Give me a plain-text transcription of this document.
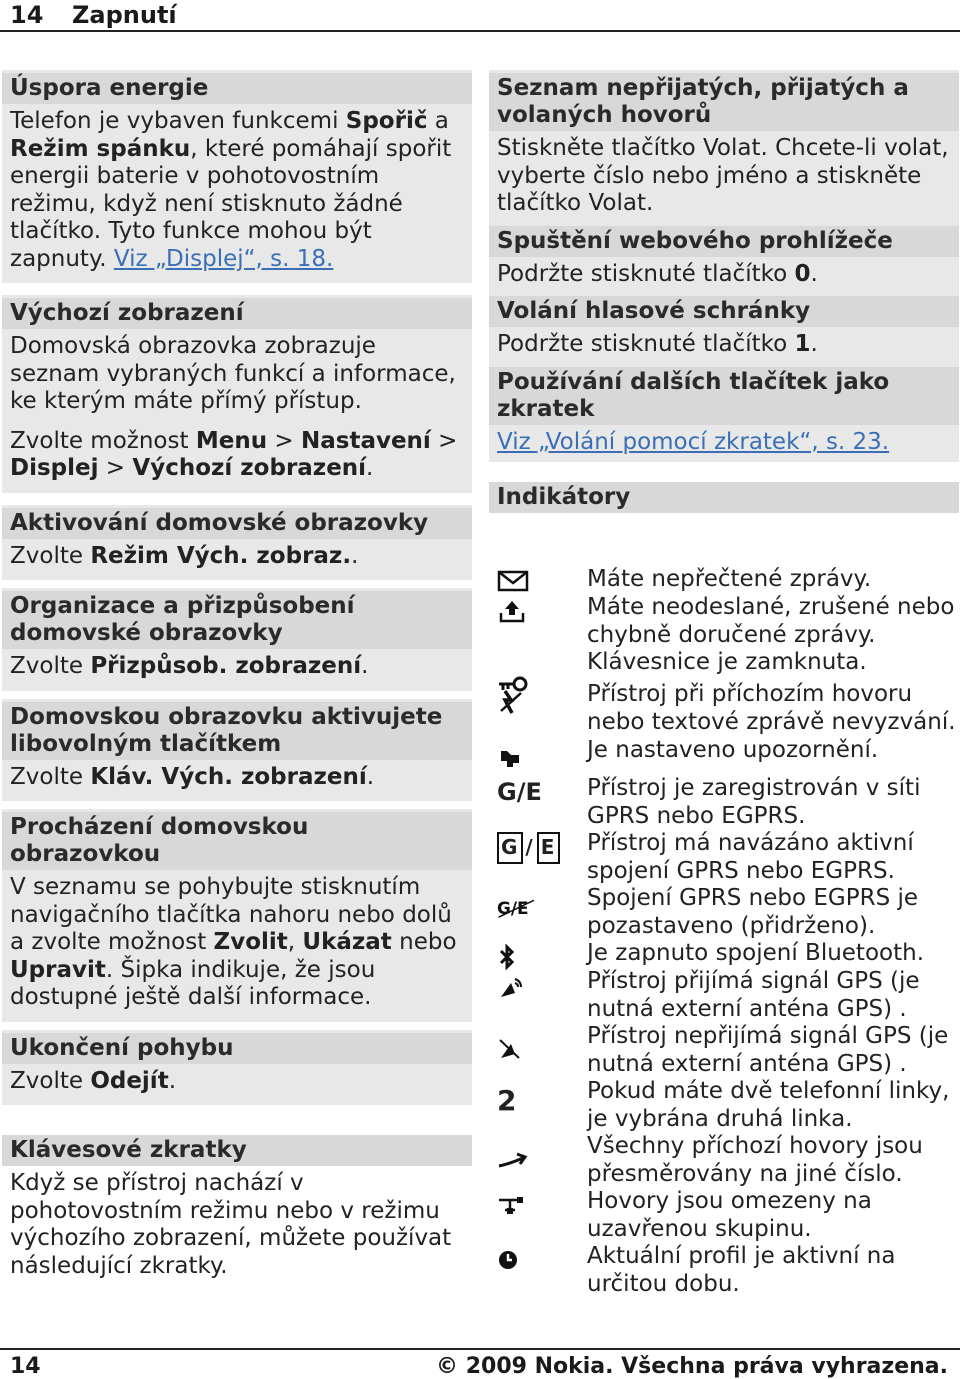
14 Zapnutí
Úspora energie
Telefon je vybaven funkcemi Spořič a Režim spánku, které pomáhají spořit energii baterie v pohotovostním režimu, když není stisknuto žádné tlačítko. Tyto funkce mohou být zapnuty. Viz „Displej“, s. 18.
Výchozí zobrazení
Domovská obrazovka zobrazuje seznam vybraných funkcí a informace, ke kterým máte přímý přístup.
Zvolte možnost Menu > Nastavení > Displej > Výchozí zobrazení.
Aktivování domovské obrazovky
Zvolte Režim Vých. zobraz..
Organizace a přizpůsobení domovské obrazovky
Zvolte Přizpůsob. zobrazení.
Domovskou obrazovku aktivujete libovolným tlačítkem
Zvolte Kláv. Vých. zobrazení.
Procházení domovskou obrazovkou
V seznamu se pohybujte stisknutím navigačního tlačítka nahoru nebo dolů a zvolte možnost Zvolit, Ukázat nebo Upravit. Šipka indikuje, že jsou dostupné ještě další informace.
Ukončení pohybu
Zvolte Odejít.
Klávesové zkratky
Když se přístroj nachází v pohotovostním režimu nebo v režimu výchozího zobrazení, můžete používat následující zkratky.
Seznam nepřijatých, přijatých a volaných hovorů
Stiskněte tlačítko Volat. Chcete-li volat, vyberte číslo nebo jméno a stiskněte tlačítko Volat.
Spuštění webového prohlížeče
Podržte stisknuté tlačítko 0.
Volání hlasové schránky
Podržte stisknuté tlačítko 1.
Používání dalších tlačítek jako zkratek
Viz „Volání pomocí zkratek“, s. 23.
Indikátory
Máte nepřečtené zprávy.
Máte neodeslané, zrušené nebo chybně doručené zprávy.
Klávesnice je zamknuta.
Přístroj při příchozím hovoru nebo textové zprávě nevyzvání.
Je nastaveno upozornění.
G/E Přístroj je zaregistrován v síti GPRS nebo EGPRS.
G / E Přístroj má navázáno aktivní spojení GPRS nebo EGPRS.
G/E	Spojení GPRS nebo EGPRS je pozastaveno (přidrženo).
Je zapnuto spojení Bluetooth.
Přístroj přijímá signál GPS (je nutná externí anténa GPS) .
Přístroj nepřijímá signál GPS (je nutná externí anténa GPS) .
2	Pokud máte dvě telefonní linky, je vybrána druhá linka.
Všechny příchozí hovory jsou přesměrovány na jiné číslo.
Hovory jsou omezeny na uzavřenou skupinu.
Aktuální profil je aktivní na určitou dobu.
14	© 2009 Nokia. Všechna práva vyhrazena.
